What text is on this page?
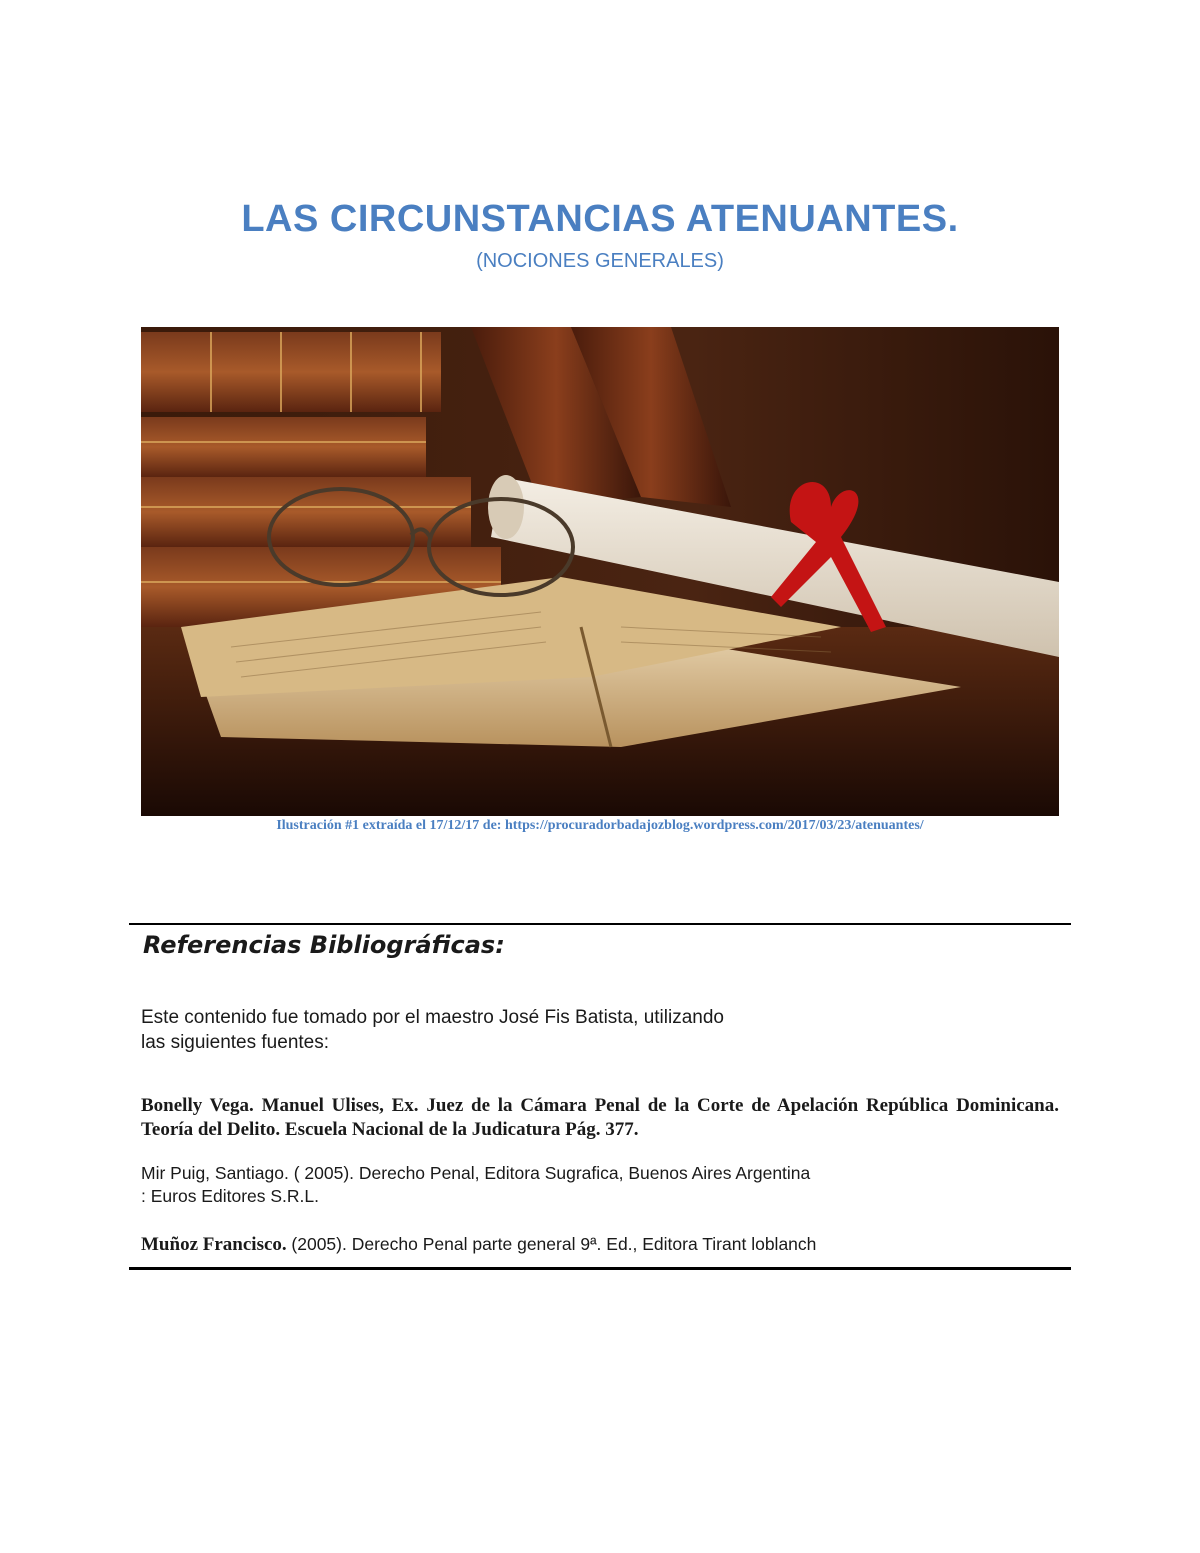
LAS CIRCUNSTANCIAS ATENUANTES.
(NOCIONES GENERALES)
Ilustración #1 extraída el 17/12/17 de: https://procuradorbadajozblog.wordpress.com/2017/03/23/atenuantes/
Referencias Bibliográficas:
Este contenido fue tomado por el maestro José Fis Batista, utilizando
las siguientes fuentes:
Bonelly Vega. Manuel Ulises, Ex. Juez de la Cámara Penal de la Corte de Apelación República Dominicana. Teoría del Delito. Escuela Nacional de la Judicatura Pág. 377.
Mir Puig, Santiago. ( 2005). Derecho Penal, Editora Sugrafica, Buenos Aires Argentina
: Euros Editores S.R.L.
Muñoz Francisco. (2005). Derecho Penal parte general 9ª. Ed., Editora Tirant loblanch
